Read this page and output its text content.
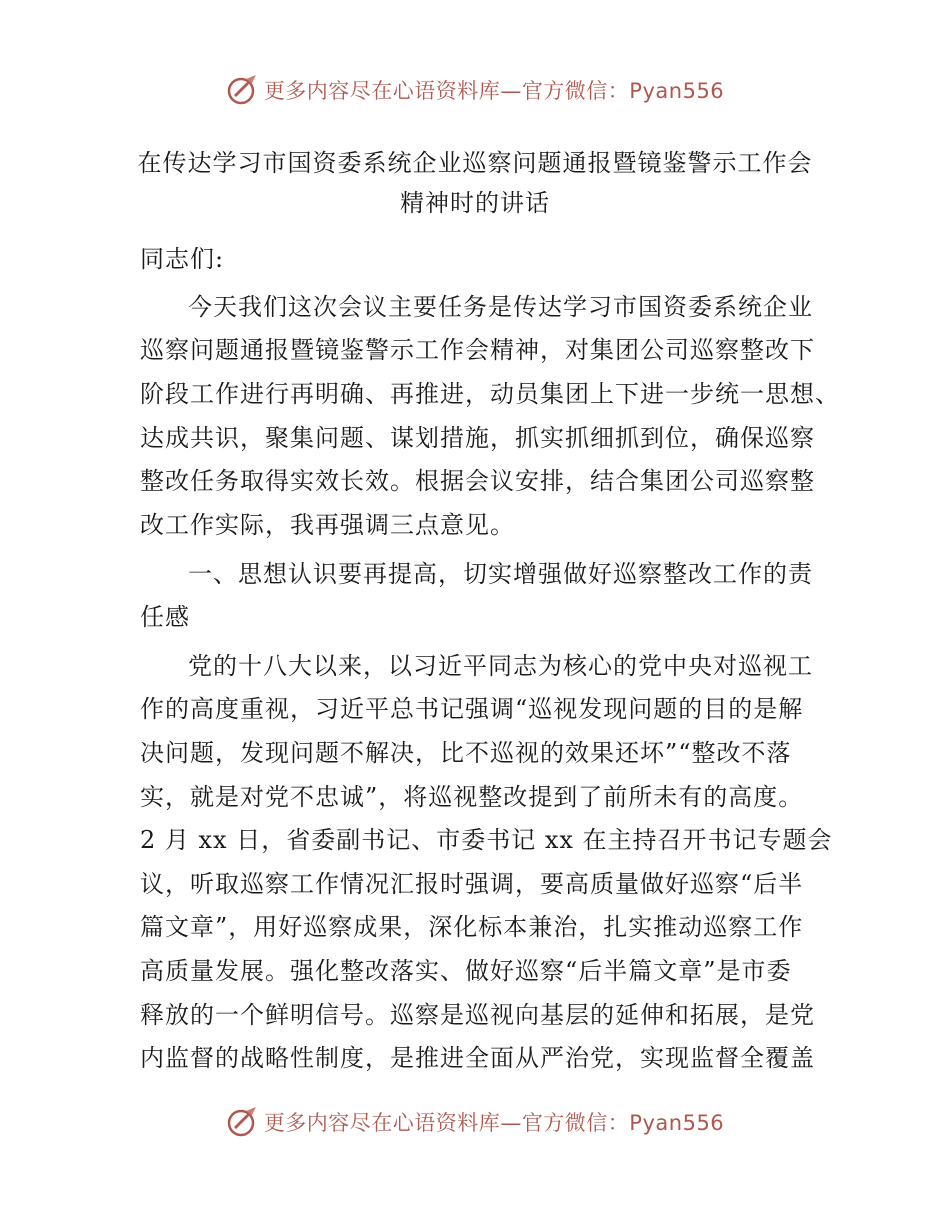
更多内容尽在心语资料库—官方微信：Pyan556
在传达学习市国资委系统企业巡察问题通报暨镜鉴警示工作会
精神时的讲话
同志们:
今天我们这次会议主要任务是传达学习市国资委系统企业
巡察问题通报暨镜鉴警示工作会精神，对集团公司巡察整改下
阶段工作进行再明确、再推进，动员集团上下进一步统一思想、
达成共识，聚集问题、谋划措施，抓实抓细抓到位，确保巡察
整改任务取得实效长效。根据会议安排，结合集团公司巡察整
改工作实际，我再强调三点意见。
一、思想认识要再提高，切实增强做好巡察整改工作的责
任感
党的十八大以来，以习近平同志为核心的党中央对巡视工
作的高度重视，习近平总书记强调“巡视发现问题的目的是解
决问题，发现问题不解决，比不巡视的效果还坏”“整改不落
实，就是对党不忠诚”，将巡视整改提到了前所未有的高度。
2 月 xx 日，省委副书记、市委书记 xx 在主持召开书记专题会
议，听取巡察工作情况汇报时强调，要高质量做好巡察“后半
篇文章”，用好巡察成果，深化标本兼治，扎实推动巡察工作
高质量发展。强化整改落实、做好巡察“后半篇文章”是市委
释放的一个鲜明信号。巡察是巡视向基层的延伸和拓展，是党
内监督的战略性制度，是推进全面从严治党，实现监督全覆盖
更多内容尽在心语资料库—官方微信：Pyan556
